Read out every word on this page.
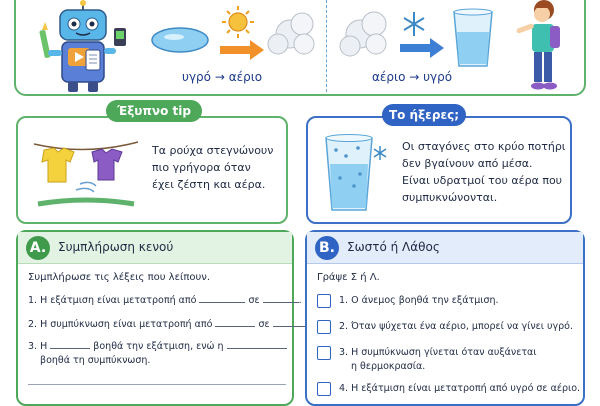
υγρό → αέριο	αέριο → υγρό
Έξυπνο tip
Τα ρούχα στεγνώνουν
πιο γρήγορα όταν
έχει ζέστη και αέρα.
Το ήξερες;
Οι σταγόνες στο κρύο ποτήρι
δεν βγαίνουν από μέσα.
Είναι υδρατμοί του αέρα που
συμπυκνώνονται.
A. Συμπλήρωση κενού
Συμπλήρωσε τις λέξεις που λείπουν.
1. Η εξάτμιση είναι μετατροπή από	σε	.
2. Η συμπύκνωση είναι μετατροπή από	σε
3. Η	βοηθά την εξάτμιση, ενώ η
βοηθά τη συμπύκνωση.
B.	Σωστό ή Λάθος
Γράψε Σ ή Λ.
1. Ο άνεμος βοηθά την εξάτμιση.
2. Όταν ψύχεται ένα αέριο, μπορεί να γίνει υγρό.
3. Η συμπύκνωση γίνεται όταν αυξάνεται
η θερμοκρασία.
4. Η εξάτμιση είναι μετατροπή από υγρό σε αέριο.
